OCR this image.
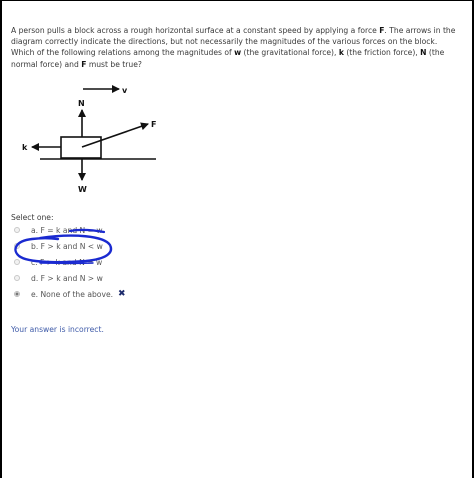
A person pulls a block across a rough horizontal surface at a constant speed by applying a force F. The arrows in the diagram correctly indicate the directions, but not necessarily the magnitudes of the various forces on the block. Which of the following relations among the magnitudes of w (the gravitational force), k (the friction force), N (the normal force) and F must be true?
N
v
F
k
W
Select one:
a. F = k and N = w
b. F > k and N < w
c. F > k and N = w
d. F > k and N > w
e. None of the above. ✖
Your answer is incorrect.
